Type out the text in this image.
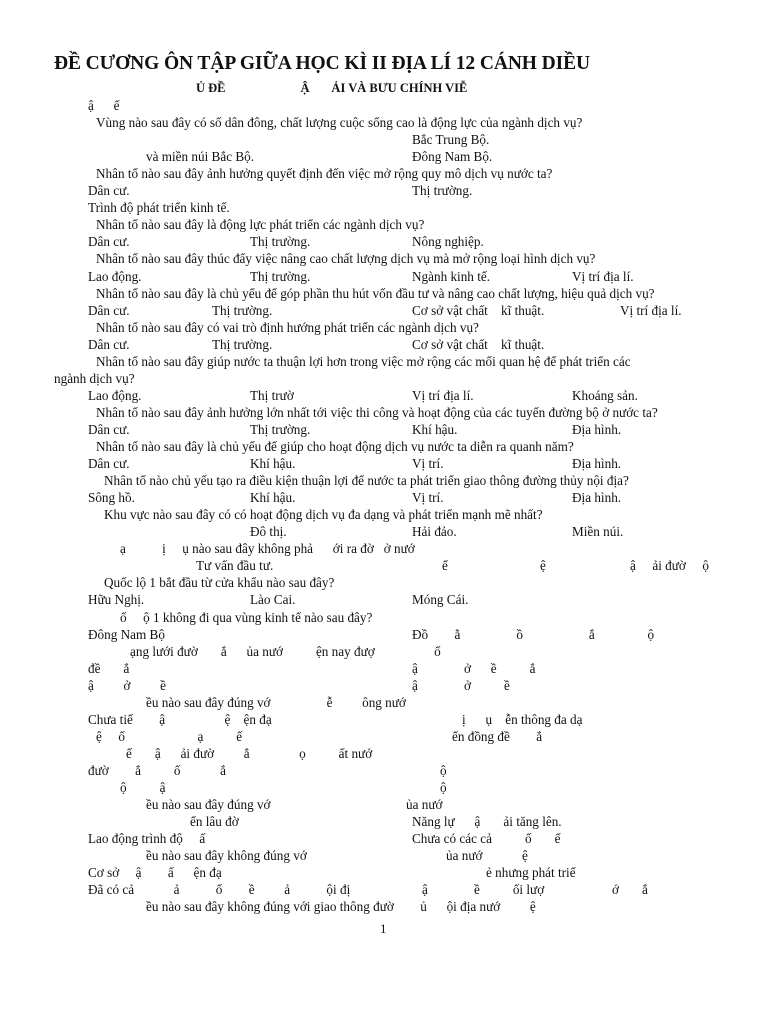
ĐỀ CƯƠNG ÔN TẬP GIỮA HỌC KÌ II ĐỊA LÍ 12 CÁNH DIỀU
Ủ ĐỀ                        Ậ       ẢI VÀ BƯU CHÍNH VIỄ
ậ      ế
Vùng nào sau đây có số dân đông, chất lượng cuộc sống cao là động lực của ngành dịch vụ?
Bắc Trung Bộ.
và miền núi Bắc Bộ.	Đông Nam Bộ.
Nhân tố nào sau đây ảnh hưởng quyết định đến việc mở rộng quy mô dịch vụ nước ta?
Dân cư.	Thị trường.
Trình độ phát triển kinh tế.
Nhân tố nào sau đây là động lực phát triển các ngành dịch vụ?
Dân cư.	Thị trường.	Nông nghiệp.
Nhân tố nào sau đây thúc đẩy việc nâng cao chất lượng dịch vụ mà mở rộng loại hình dịch vụ?
Lao động.	Thị trường.	Ngành kinh tế.	Vị trí địa lí.
Nhân tố nào sau đây là chủ yếu để góp phần thu hút vốn đầu tư và nâng cao chất lượng, hiệu quả dịch vụ?
Dân cư.	Thị trường.	Cơ sở vật chất    kĩ thuật.	Vị trí địa lí.
Nhân tố nào sau đây có vai trò định hướng phát triển các ngành dịch vụ?
Dân cư.	Thị trường.	Cơ sở vật chất    kĩ thuật.
Nhân tố nào sau đây giúp nước ta thuận lợi hơn trong việc mở rộng các mối quan hệ để phát triển các
ngành dịch vụ?
Lao động.	Thị trườ	Vị trí địa lí.	Khoáng sản.
Nhân tố nào sau đây ảnh hưởng lớn nhất tới việc thi công và hoạt động của các tuyến đường bộ ở nước ta?
Dân cư.	Thị trường.	Khí hậu.	Địa hình.
Nhân tố nào sau đây là chủ yếu để giúp cho hoạt động dịch vụ nước ta diễn ra quanh năm?
Dân cư.	Khí hậu.	Vị trí.	Địa hình.
Nhân tố nào chủ yếu tạo ra điều kiện thuận lợi để nước ta phát triển giao thông đường thủy nội địa?
Sông hồ.	Khí hậu.	Vị trí.	Địa hình.
Khu vực nào sau đây có có hoạt động dịch vụ đa dạng và phát triển mạnh mẽ nhất?
Đô thị.	Hải đảo.	Miền núi.
ạ           ị     ụ nào sau đây không phả      ới ra đờ   ở nướ
Tư vấn đầu tư.	ể	ệ	ậ     ải đườ     ộ
Quốc lộ 1 bắt đầu từ cửa khẩu nào sau đây?
Hữu Nghị.	Lào Cai.	Móng Cái.
ố     ộ 1 không đi qua vùng kinh tế nào sau đây?
Đông Nam Bộ	Đồ        ằ                 ồ                    ắ                ộ
ạng lưới đườ       ắ      ủa nướ          ện nay đượ                  ố
đề       ắ	ậ              ở      ề          ắ
ậ         ở         ề	ậ              ở          ề
ều nào sau đây đúng vớ                 ễ         ông nướ
Chưa tiế        ậ                  ệ    ện đạ	ị      ụ    ễn thông đa dạ
ệ     ố                      ạ          ế	ển đồng đề        ắ
ế       ậ      ải đườ         ắ               ọ          ất nướ
đườ        ắ          ố            ắ	ộ
ộ          ậ	ộ
ều nào sau đây đúng vớ	ủa nướ
ển lâu đờ	Năng lự      ậ       ải tăng lên.
Lao động trình độ     ấ	Chưa có các cả          ố       ế
ều nào sau đây không đúng vớ	ủa nướ            ệ
Cơ sở     ậ        ấ      ện đạ	ẻ nhưng phát triể
Đã có cả            ả           ố        ề         ả           ội đị	ậ              ề          ối lượ	ớ       ắ
ều nào sau đây không đúng với giao thông đườ        ủ      ội địa nướ         ệ
1
